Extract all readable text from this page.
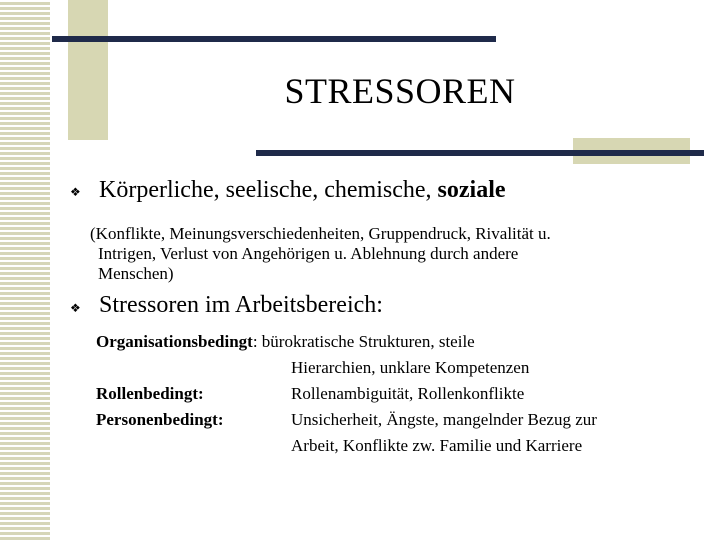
STRESSOREN
❖ Körperliche, seelische, chemische, soziale
(Konflikte, Meinungsverschiedenheiten, Gruppendruck, Rivalität u.
Intrigen, Verlust von Angehörigen u. Ablehnung durch andere
Menschen)
❖ Stressoren im Arbeitsbereich:
Organisationsbedingt: bürokratische Strukturen, steile
Hierarchien, unklare Kompetenzen
Rollenbedingt:	Rollenambiguität, Rollenkonflikte
Personenbedingt:	Unsicherheit, Ängste, mangelnder Bezug zur
Arbeit, Konflikte zw. Familie und Karriere
